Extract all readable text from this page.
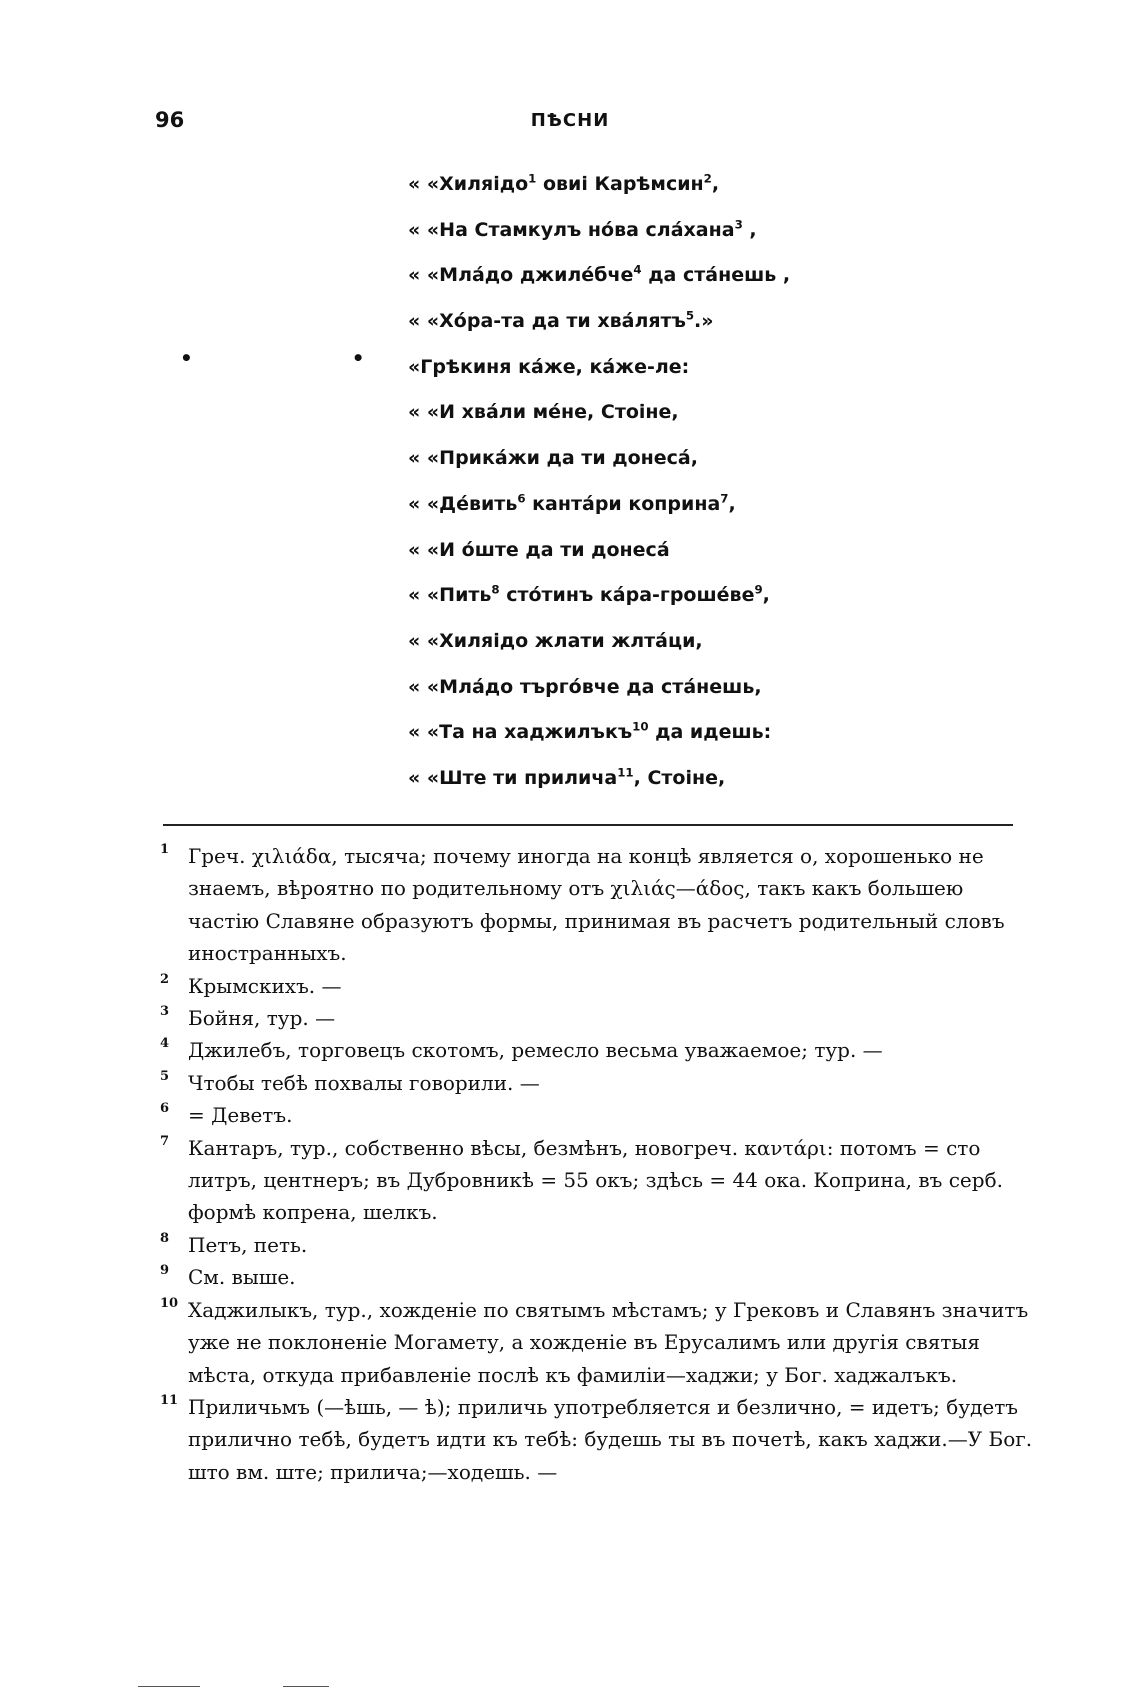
96	ПѢСНИ
• •
« «Хиляідо$^1$ овиі Карѣмсин$^2$,
« «На Стамкулъ нóва слáхана$^3$ ,
« «Млáдо джилéбче$^4$ да стáнешь ,
« «Хóра-та да ти хвáлятъ$^5$.»
«Грѣкиня кáже, кáже-ле:
« «И хвáли мéне, Стоіне,
« «Прикáжи да ти донесá,
« «Дéвить$^6$ кантáри коприна$^7$,
« «И óште да ти донесá
« «Пить$^8$ стóтинъ кáра-грошéве$^9$,
« «Хиляідо жлати жлтáци,
« «Млáдо търгóвче да стáнешь,
« «Та на хаджилъкъ$^{10}$ да идешь:
« «Ште ти прилича$^{11}$, Стоіне,
1 Греч. χιλιάδα, тысяча; почему иногда на концѣ является о, хорошенько не знаемъ, вѣроятно по родительному отъ χιλιάς—άδος, такъ какъ большею частію Славяне образуютъ формы, принимая въ расчетъ родительный словъ иностранныхъ.
2 Крымскихъ. —
3 Бойня, тур. —
4 Джилебъ, торговецъ скотомъ, ремесло весьма уважаемое; тур. —
5 Чтобы тебѣ похвалы говорили. —
6 = Деветъ.
7 Кантаръ, тур., собственно вѣсы, безмѣнъ, новогреч. καντάρι: потомъ = сто литръ, центнеръ; въ Дубровникѣ = 55 окъ; здѣсь = 44 ока. Коприна, въ серб. формѣ копрена, шелкъ.
8 Петъ, петь.
9 См. выше.
10 Хаджилыкъ, тур., хожденіе по святымъ мѣстамъ; у Грековъ и Славянъ значитъ уже не поклоненіе Могамету, а хожденіе въ Ерусалимъ или другія святыя мѣста, откуда прибавленіе послѣ къ фамиліи—хаджи; у Бог. хаджалъкъ.
11 Приличьмъ (—ѣшь, — ѣ); приличь употребляется и безлично, = идетъ; будетъ прилично тебѣ, будетъ идти къ тебѣ: будешь ты въ почетѣ, какъ хаджи.—У Бог. што вм. ште; прилича;—ходешь. —
